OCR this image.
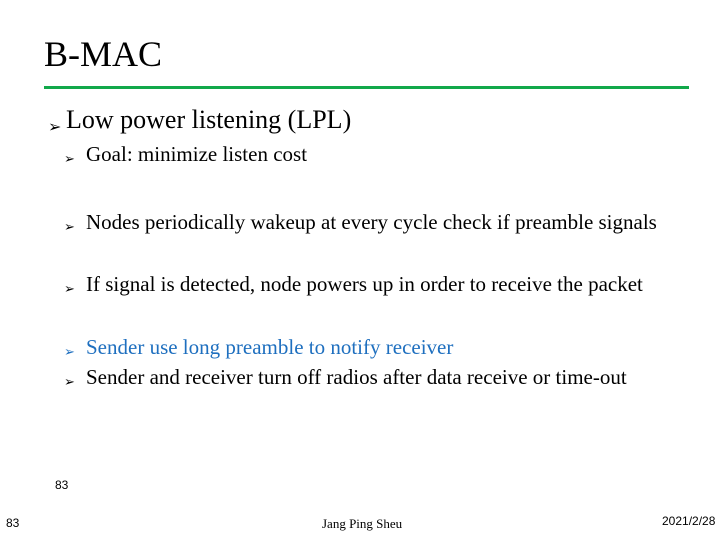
B-MAC
➢ Low power listening (LPL)
➢ Goal: minimize listen cost
➢ Nodes periodically wakeup at every cycle check if preamble signals
➢ If signal is detected, node powers up in order to receive the packet
➢ Sender use long preamble to notify receiver
➢ Sender and receiver turn off radios after data receive or time-out
83
83
Jang Ping Sheu	2021/2/28
